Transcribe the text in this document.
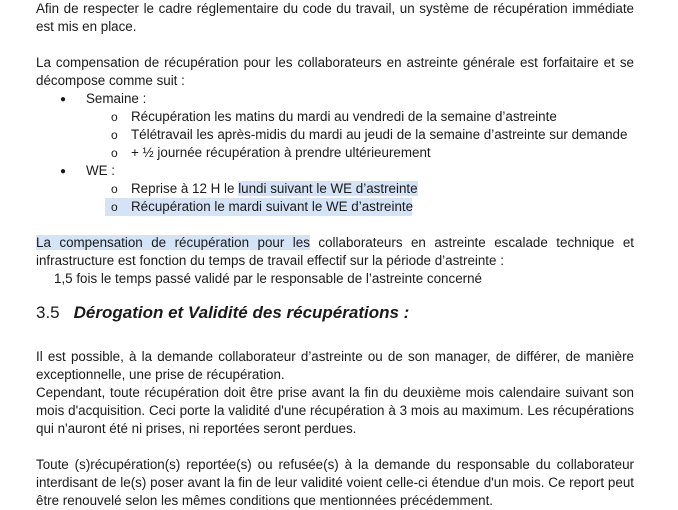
Afin de respecter le cadre réglementaire du code du travail, un système de récupération immédiate
est mis en place.
La compensation de récupération pour les collaborateurs en astreinte générale est forfaitaire et se
décompose comme suit :
● Semaine :
o Récupération les matins du mardi au vendredi de la semaine d’astreinte
o Télétravail les après-midis du mardi au jeudi de la semaine d’astreinte sur demande
o + ½ journée récupération à prendre ultérieurement
● WE :
o Reprise à 12 H le lundi suivant le WE d’astreinte
o Récupération le mardi suivant le WE d’astreinte
La compensation de récupération pour les collaborateurs en astreinte escalade technique et
infrastructure est fonction du temps de travail effectif sur la période d’astreinte :
1,5 fois le temps passé validé par le responsable de l’astreinte concerné
3.5 Dérogation et Validité des récupérations :
Il est possible, à la demande collaborateur d’astreinte ou de son manager, de différer, de manière
exceptionnelle, une prise de récupération.
Cependant, toute récupération doit être prise avant la fin du deuxième mois calendaire suivant son
mois d'acquisition. Ceci porte la validité d'une récupération à 3 mois au maximum. Les récupérations
qui n'auront été ni prises, ni reportées seront perdues.
Toute (s)récupération(s) reportée(s) ou refusée(s) à la demande du responsable du collaborateur
interdisant de le(s) poser avant la fin de leur validité voient celle-ci étendue d'un mois. Ce report peut
être renouvelé selon les mêmes conditions que mentionnées précédemment.
